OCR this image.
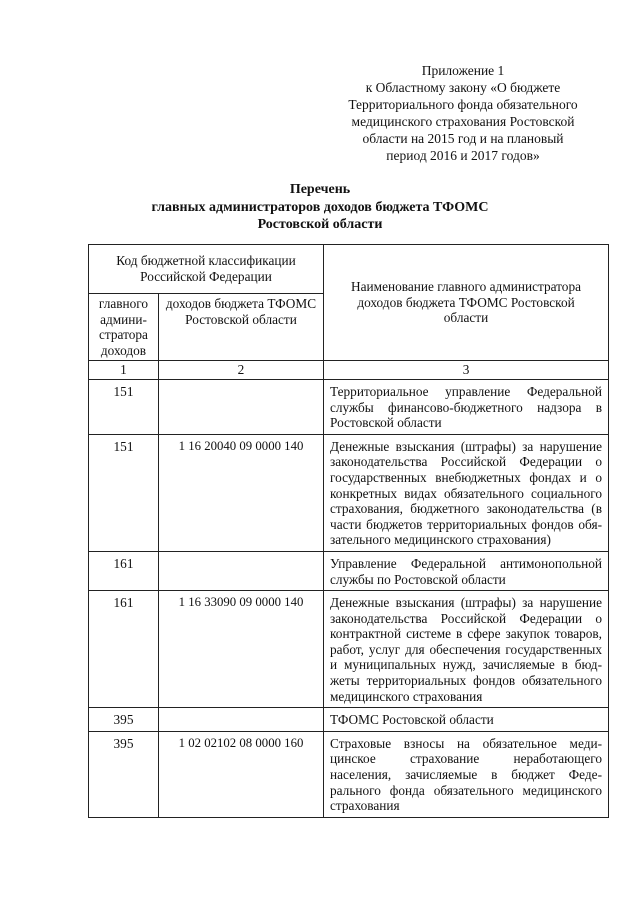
Приложение 1
к Областному закону «О бюджете
Территориального фонда обязательного
медицинского страхования Ростовской
области на 2015 год и на плановый
период 2016 и 2017 годов»
Перечень
главных администраторов доходов бюджета ТФОМС
Ростовской области
Код бюджетной классификации Российской Федерации		Наименование главного администратора доходов бюджета ТФОМС Ростовской области
главного админи-стратора доходов	доходов бюджета ТФОМС Ростовской области	
1	2	3
151		Территориальное управление Федеральной службы финансово-бюджетного надзора в Ростовской области
151	1 16 20040 09 0000 140	Денежные взыскания (штрафы) за нарушение законодательства Российской Федерации о государственных внебюджетных фондах и о конкретных видах обязательного социального страхования, бюджетного законодательства (в части бюджетов территориальных фондов обязательного медицинского страхования)
161		Управление Федеральной антимонопольной службы по Ростовской области
161	1 16 33090 09 0000 140	Денежные взыскания (штрафы) за нарушение законодательства Российской Федерации о контрактной системе в сфере закупок товаров, работ, услуг для обеспечения государственных и муниципальных нужд, зачисляемые в бюджеты территориальных фондов обязательного медицинского страхования
395		ТФОМС Ростовской области
395	1 02 02102 08 0000 160	Страховые взносы на обязательное медицинское страхование неработающего населения, зачисляемые в бюджет Федерального фонда обязательного медицинского страхования
